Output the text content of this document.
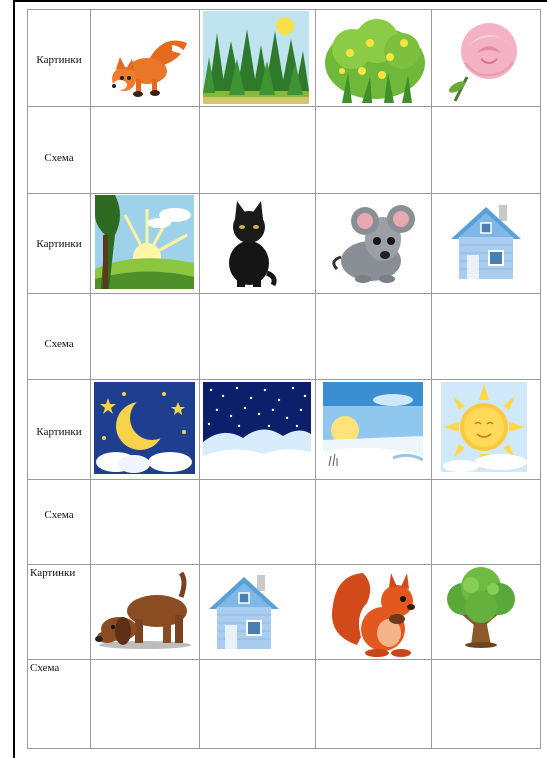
Картинки
Схема
Картинки
Схема
Картинки
Схема
Картинки
Схема
